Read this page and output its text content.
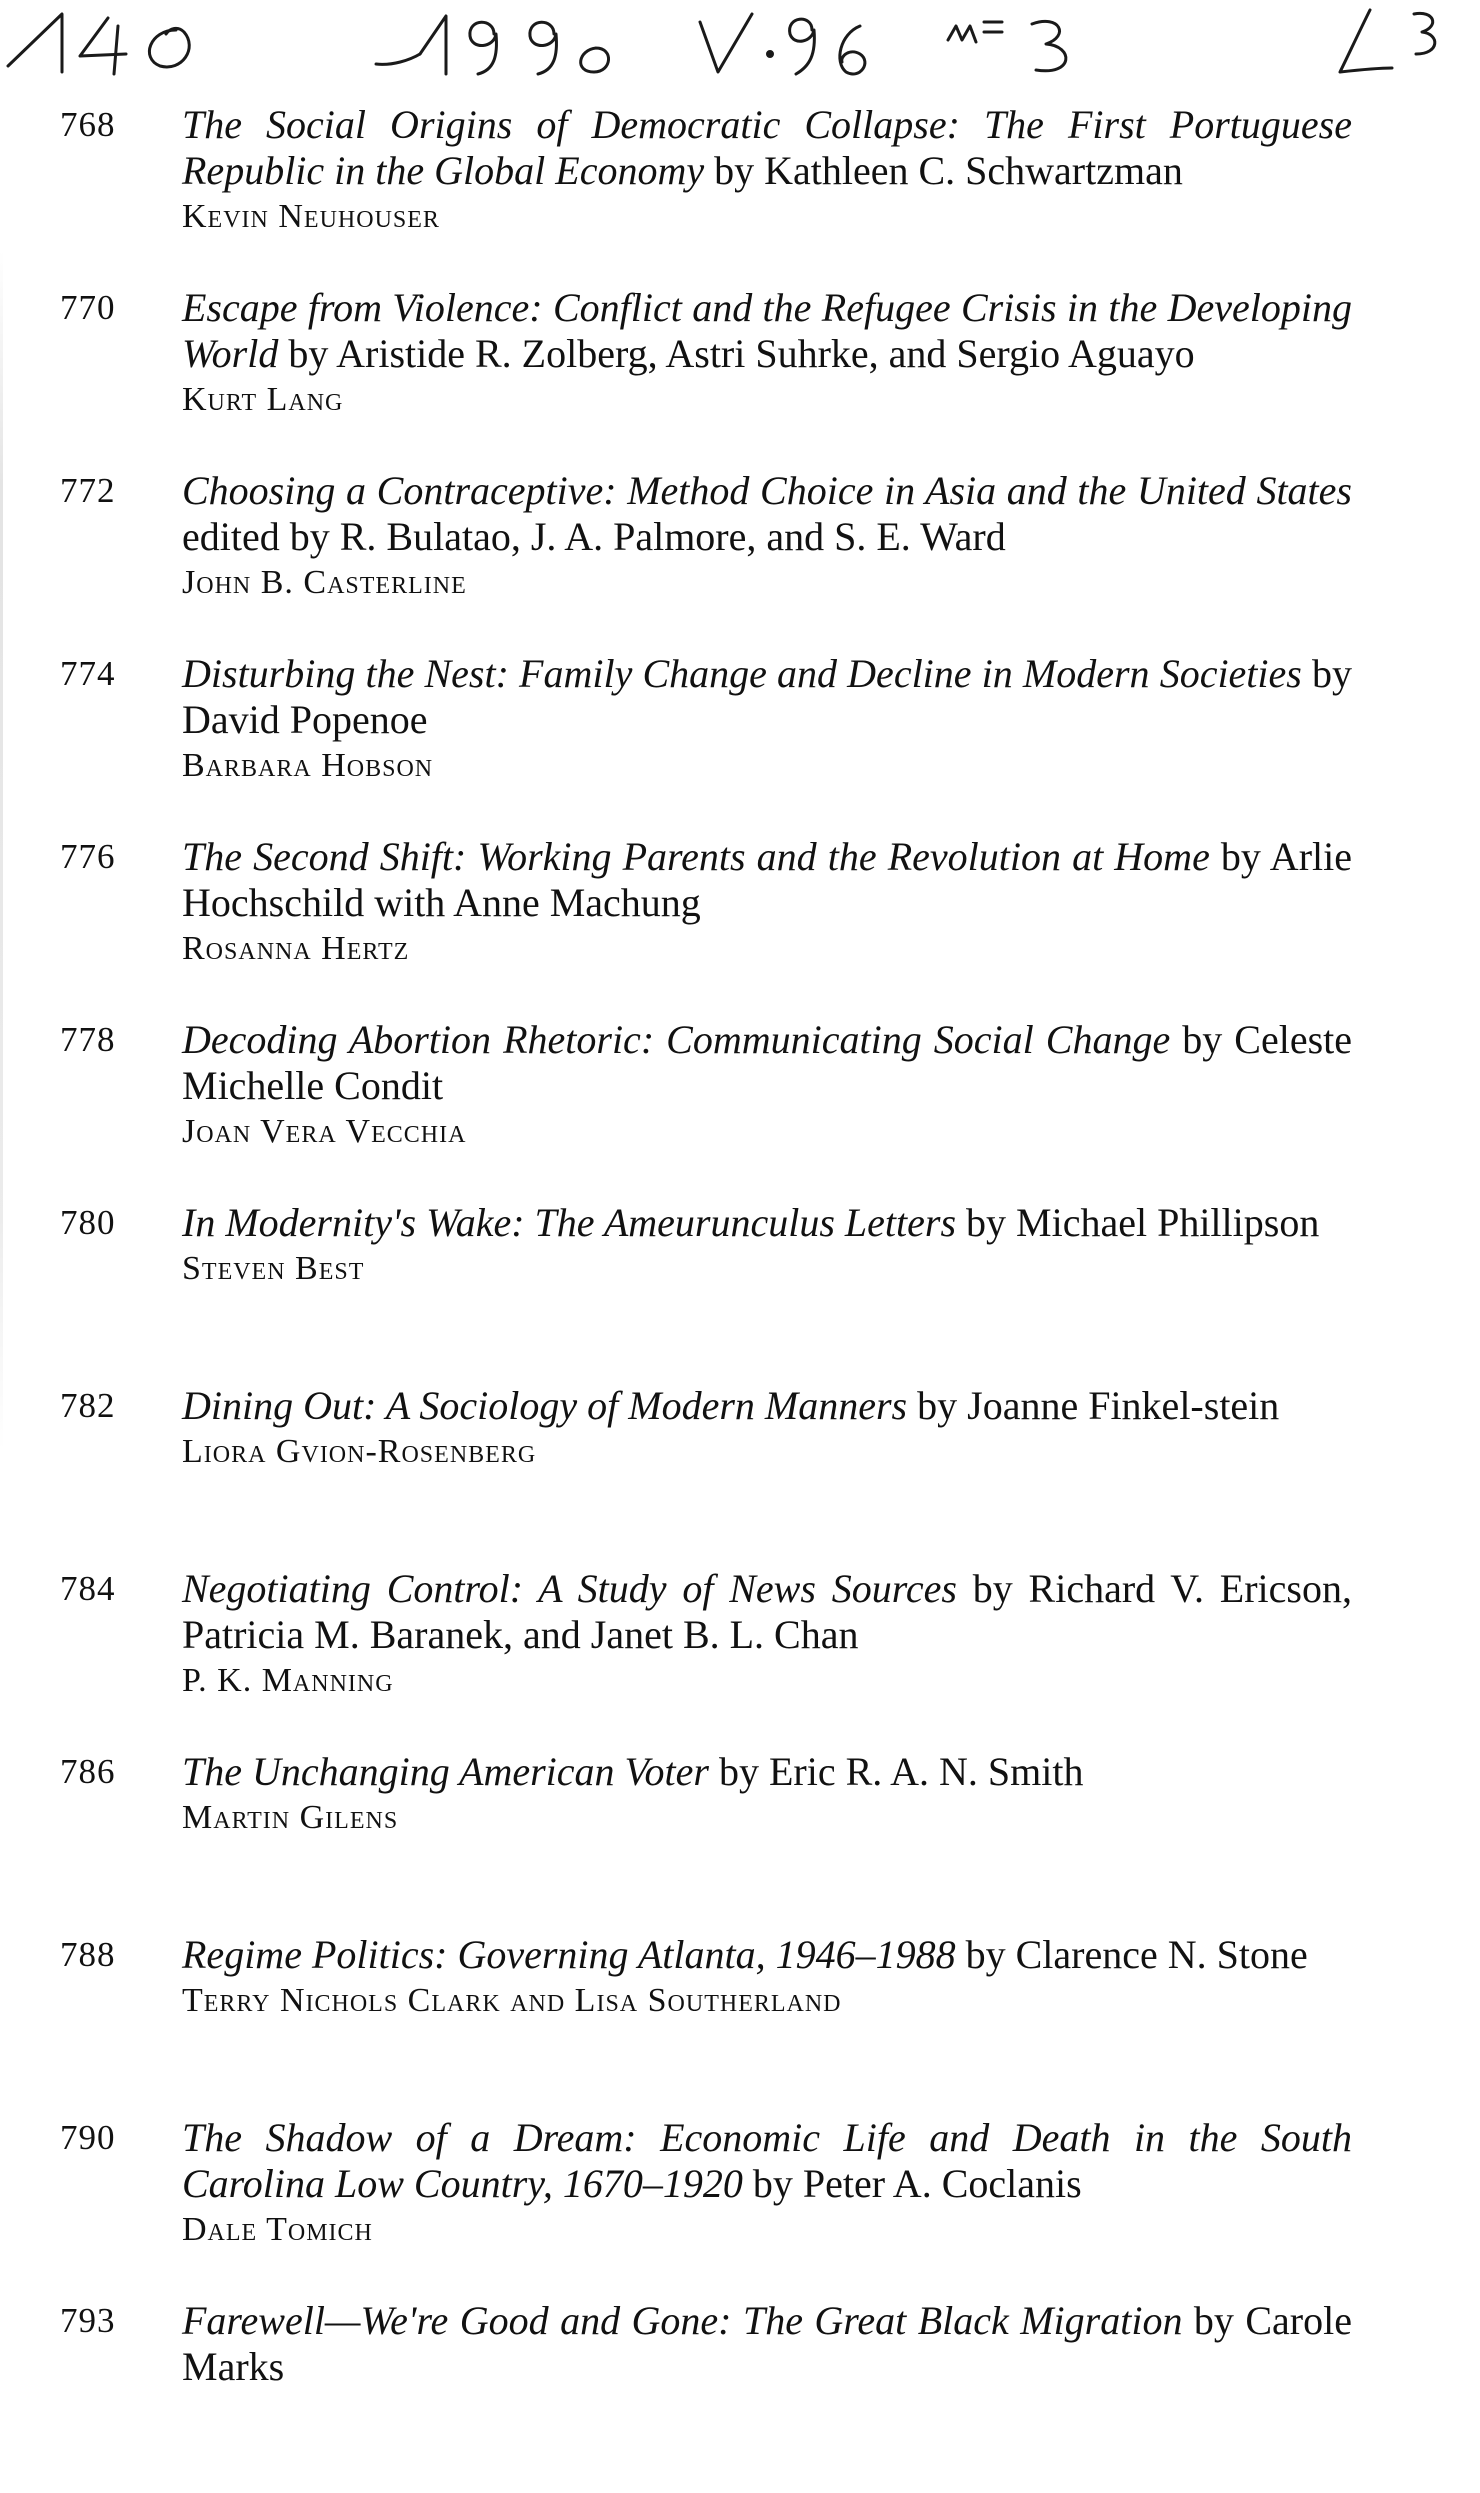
768 The Social Origins of Democratic Collapse: The First Portuguese Republic in the Global Economy by Kathleen C. Schwartzman

Kevin Neuhouser

770 Escape from Violence: Conflict and the Refugee Crisis in the Developing World by Aristide R. Zolberg, Astri Suhrke, and Sergio Aguayo

Kurt Lang

772 Choosing a Contraceptive: Method Choice in Asia and the United States edited by R. Bulatao, J. A. Palmore, and S. E. Ward

John B. Casterline

774 Disturbing the Nest: Family Change and Decline in Modern Societies by David Popenoe

Barbara Hobson

776 The Second Shift: Working Parents and the Revolution at Home by Arlie Hochschild with Anne Machung

Rosanna Hertz

778 Decoding Abortion Rhetoric: Communicating Social Change by Celeste Michelle Condit

Joan Vera Vecchia

780 In Modernity's Wake: The Ameurunculus Letters by Michael Phillipson

Steven Best

782 Dining Out: A Sociology of Modern Manners by Joanne Finkel-stein

Liora Gvion-Rosenberg

784 Negotiating Control: A Study of News Sources by Richard V. Ericson, Patricia M. Baranek, and Janet B. L. Chan

P. K. Manning

786 The Unchanging American Voter by Eric R. A. N. Smith

Martin Gilens

788 Regime Politics: Governing Atlanta, 1946–1988 by Clarence N. Stone

Terry Nichols Clark and Lisa Southerland

790 The Shadow of a Dream: Economic Life and Death in the South Carolina Low Country, 1670–1920 by Peter A. Coclanis

Dale Tomich

793 Farewell—We're Good and Gone: The Great Black Migration by Carole Marks
